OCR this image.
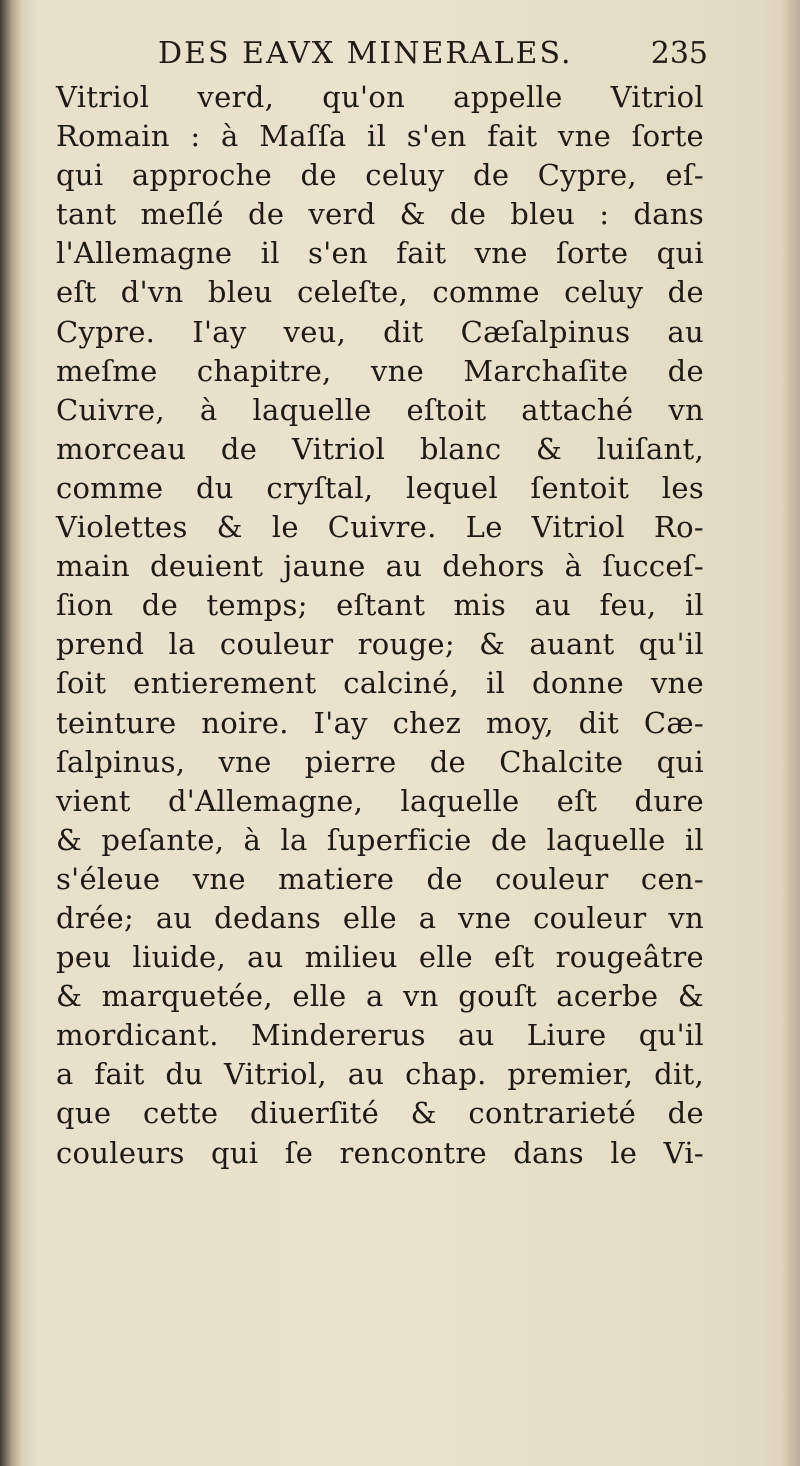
DES EAVX MINERALES.	235
Vitriol verd, qu'on appelle Vitriol
Romain : à Maſſa il s'en fait vne ſorte
qui approche de celuy de Cypre, eſ-
tant meſlé de verd & de bleu : dans
l'Allemagne il s'en fait vne ſorte qui
eſt d'vn bleu celeſte, comme celuy de
Cypre. I'ay veu, dit Cæſalpinus au
meſme chapitre, vne Marchaſite de
Cuivre, à laquelle eſtoit attaché vn
morceau de Vitriol blanc & luiſant,
comme du cryſtal, lequel ſentoit les
Violettes & le Cuivre. Le Vitriol Ro-
main deuient jaune au dehors à ſucceſ-
ſion de temps; eſtant mis au feu, il
prend la couleur rouge; & auant qu'il
ſoit entierement calciné, il donne vne
teinture noire. I'ay chez moy, dit Cæ-
ſalpinus, vne pierre de Chalcite qui
vient d'Allemagne, laquelle eſt dure
& peſante, à la ſuperficie de laquelle il
s'éleue vne matiere de couleur cen-
drée; au dedans elle a vne couleur vn
peu liuide, au milieu elle eſt rougeâtre
& marquetée, elle a vn gouſt acerbe &
mordicant. Mindererus au Liure qu'il
a fait du Vitriol, au chap. premier, dit,
que cette diuerſité & contrarieté de
couleurs qui ſe rencontre dans le Vi-
